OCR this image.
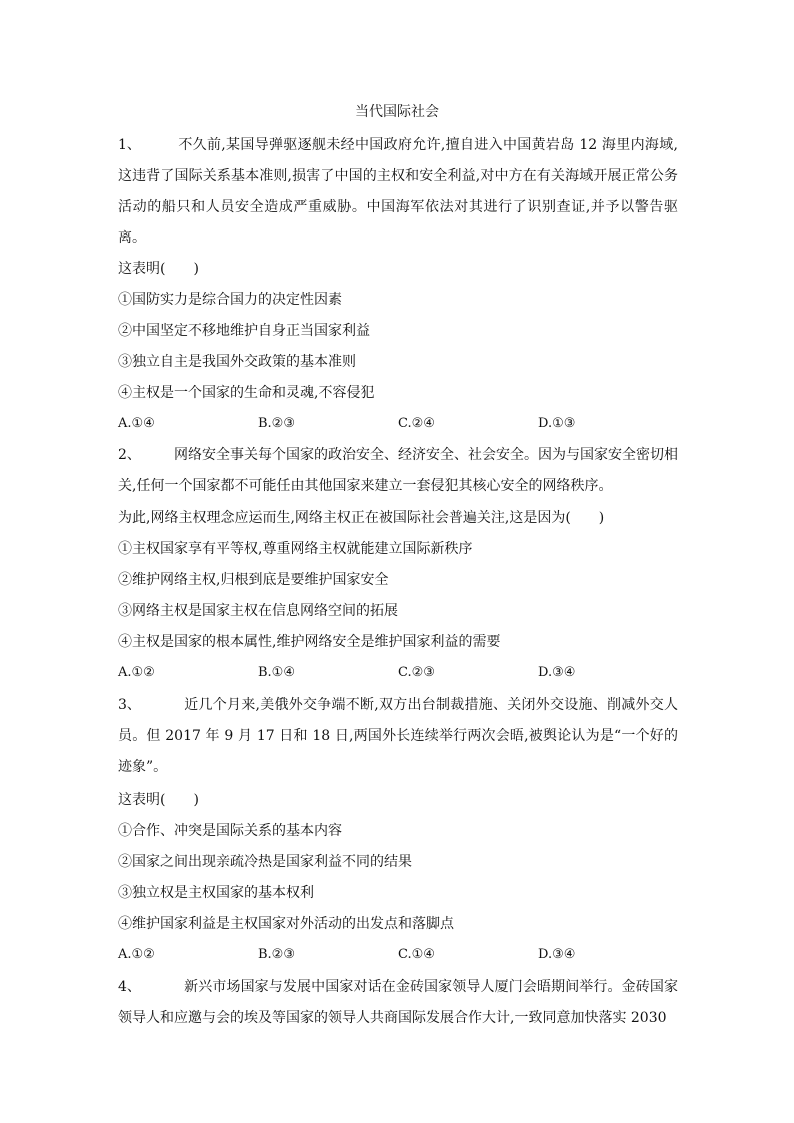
当代国际社会
1、	不久前,某国导弹驱逐舰未经中国政府允许,擅自进入中国黄岩岛 12 海里内海域,这违背了国际关系基本准则,损害了中国的主权和安全利益,对中方在有关海域开展正常公务活动的船只和人员安全造成严重威胁。中国海军依法对其进行了识别查证,并予以警告驱离。
这表明(　　)
①国防实力是综合国力的决定性因素
②中国坚定不移地维护自身正当国家利益
③独立自主是我国外交政策的基本准则
④主权是一个国家的生命和灵魂,不容侵犯
A.①④	B.②③	C.②④	D.①③
2、 网络安全事关每个国家的政治安全、经济安全、社会安全。因为与国家安全密切相关,任何一个国家都不可能任由其他国家来建立一套侵犯其核心安全的网络秩序。
为此,网络主权理念应运而生,网络主权正在被国际社会普遍关注,这是因为(　　)
①主权国家享有平等权,尊重网络主权就能建立国际新秩序
②维护网络主权,归根到底是要维护国家安全
③网络主权是国家主权在信息网络空间的拓展
④主权是国家的根本属性,维护网络安全是维护国家利益的需要
A.①②	B.①④	C.②③	D.③④
3、	近几个月来,美俄外交争端不断,双方出台制裁措施、关闭外交设施、削减外交人员。但 2017 年 9 月 17 日和 18 日,两国外长连续举行两次会晤,被舆论认为是“一个好的迹象”。
这表明(　　)
①合作、冲突是国际关系的基本内容
②国家之间出现亲疏冷热是国家利益不同的结果
③独立权是主权国家的基本权利
④维护国家利益是主权国家对外活动的出发点和落脚点
A.①②	B.②③	C.①④	D.③④
4、	新兴市场国家与发展中国家对话在金砖国家领导人厦门会晤期间举行。金砖国家领导人和应邀与会的埃及等国家的领导人共商国际发展合作大计,一致同意加快落实 2030
